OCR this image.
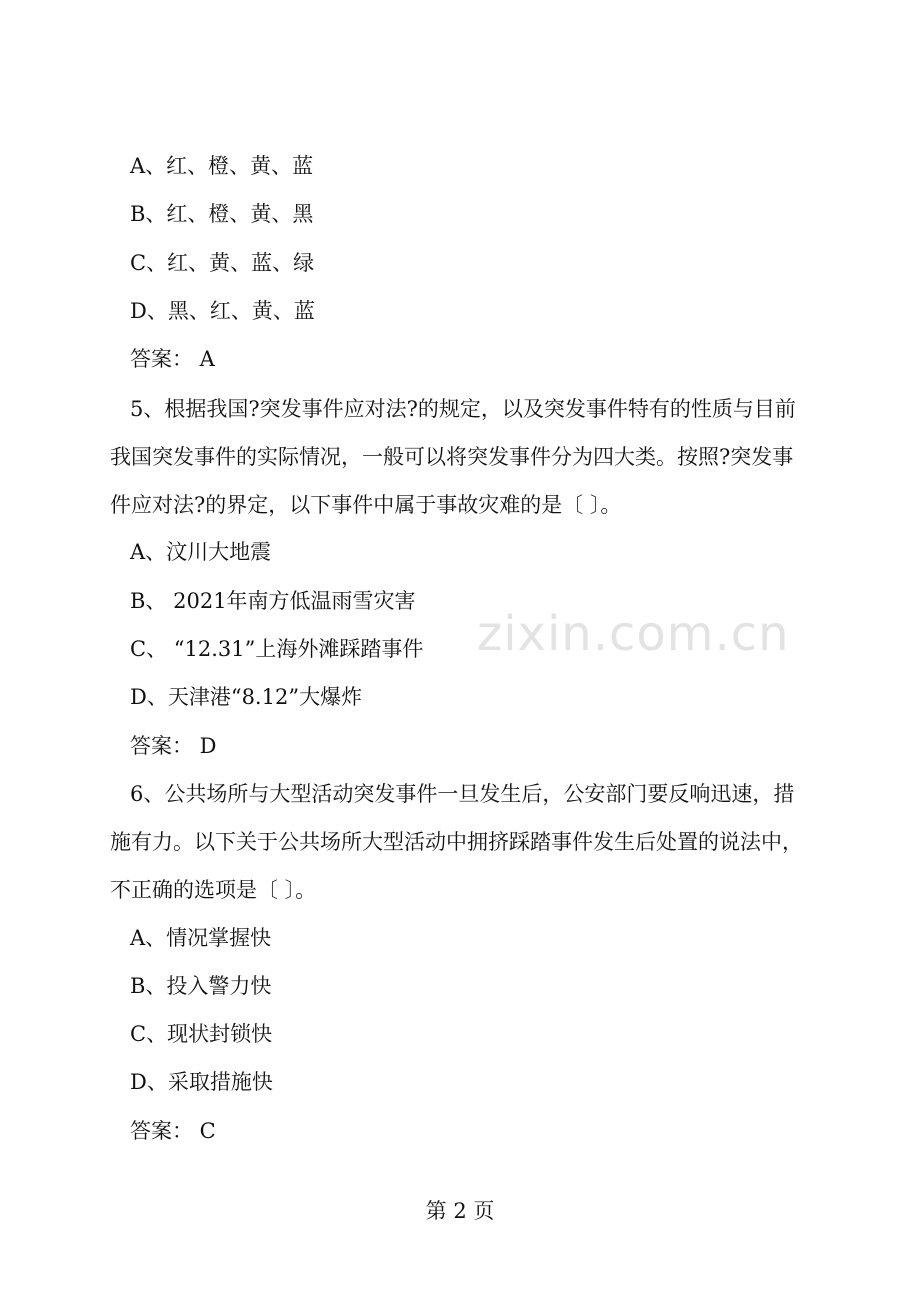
A、红、橙、黄、蓝
B、红、橙、黄、黑
C、红、黄、蓝、绿
D、黑、红、黄、蓝
答案： A
5、根据我国?突发事件应对法?的规定，以及突发事件特有的性质与目前我国突发事件的实际情况，一般可以将突发事件分为四大类。按照?突发事件应对法?的界定，以下事件中属于事故灾难的是〔 〕。
A、汶川大地震
B、 2021年南方低温雨雪灾害
C、 “12.31”上海外滩踩踏事件
D、天津港“8.12”大爆炸
答案： D
6、公共场所与大型活动突发事件一旦发生后，公安部门要反响迅速，措施有力。以下关于公共场所大型活动中拥挤踩踏事件发生后处置的说法中，不正确的选项是〔 〕。
A、情况掌握快
B、投入警力快
C、现状封锁快
D、采取措施快
答案： C
zixin.com.cn
第 2 页
